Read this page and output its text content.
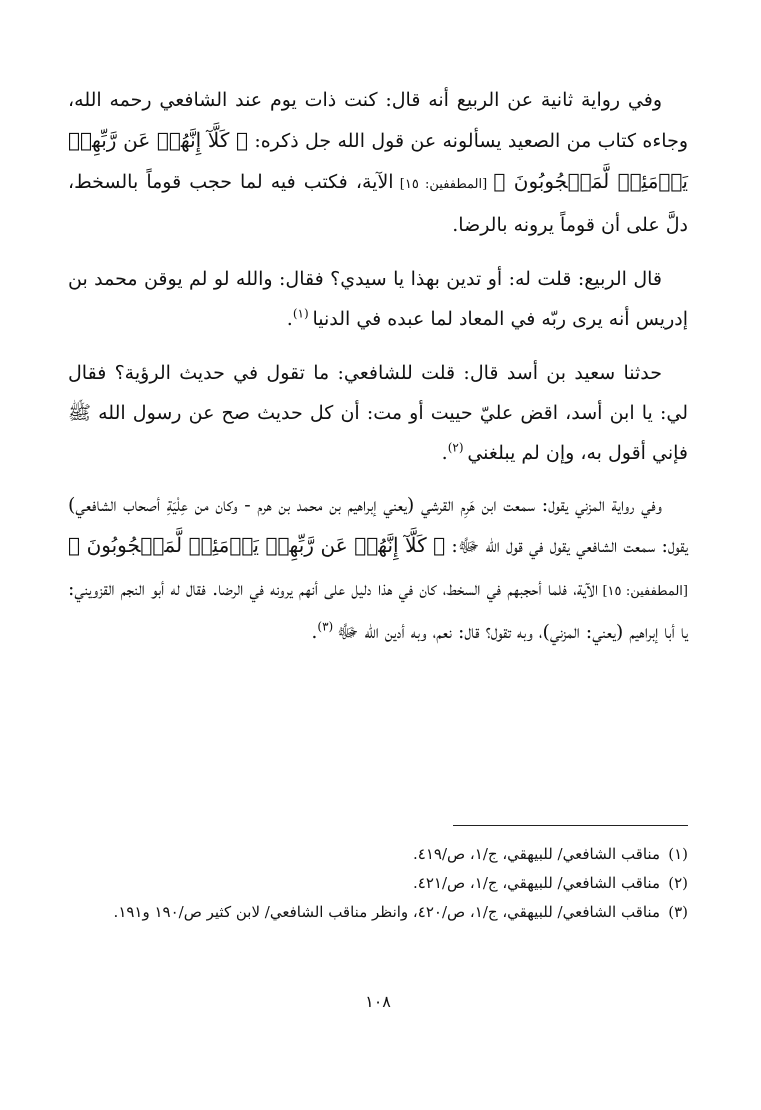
وفي رواية ثانية عن الربيع أنه قال: كنت ذات يوم عند الشافعي رحمه الله، وجاءه كتاب من الصعيد يسألونه عن قول الله جل ذكره: ﴿ كَلَّآ إِنَّهُمۡ عَن رَّبِّهِمۡ يَوۡمَئِذٖ لَّمَحۡجُوبُونَ ﴾ [المطففين: ١٥] الآية، فكتب فيه لما حجب قوماً بالسخط، دلَّ على أن قوماً يرونه بالرضا.

قال الربيع: قلت له: أو تدين بهذا يا سيدي؟ فقال: والله لو لم يوقن محمد بن إدريس أنه يرى ربّه في المعاد لما عبده في الدنيا $^{(١)}$.

حدثنا سعيد بن أسد قال: قلت للشافعي: ما تقول في حديث الرؤية؟ فقال لي: يا ابن أسد، اقض عليّ حييت أو مت: أن كل حديث صح عن رسول الله ﷺ فإني أقول به، وإن لم يبلغني $^{(٢)}$.

وفي رواية المزني يقول: سمعت ابن هَرِم القرشي (يعني إبراهيم بن محمد بن هرم - وكان من عِلْيَةِ أصحاب الشافعي) يقول: سمعت الشافعي يقول في قول الله ﷻ: ﴿ كَلَّآ إِنَّهُمۡ عَن رَّبِّهِمۡ يَوۡمَئِذٖ لَّمَحۡجُوبُونَ ﴾ [المطففين: ١٥] الآية، فلما أحجبهم في السخط، كان في هذا دليل على أنهم يرونه في الرضا. فقال له أبو النجم القزويني: يا أبا إبراهيم (يعني: المزني)، وبه تقول؟ قال: نعم، وبه أدين الله ﷻ $^{(٣)}$.

(١)
مناقب الشافعي/ للبيهقي، ج/١، ص/٤١٩.
(٢)
مناقب الشافعي/ للبيهقي، ج/١، ص/٤٢١.
(٣)
مناقب الشافعي/ للبيهقي، ج/١، ص/٤٢٠، وانظر مناقب الشافعي/ لابن كثير ص/١٩٠ و١٩١.
١٠٨
